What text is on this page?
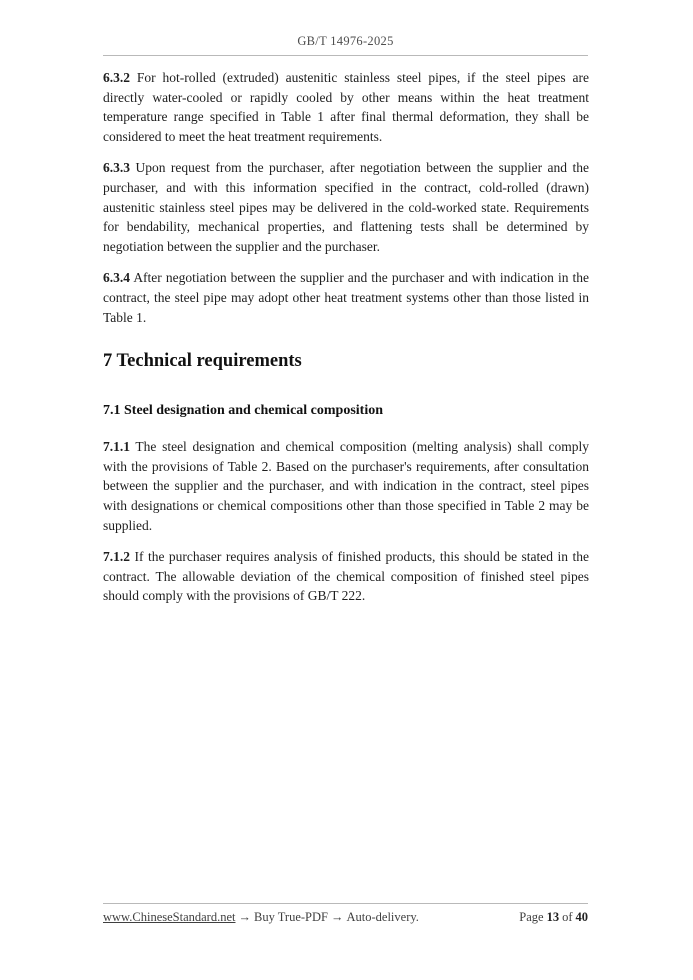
GB/T 14976-2025

6.3.2 For hot-rolled (extruded) austenitic stainless steel pipes, if the steel pipes are directly water-cooled or rapidly cooled by other means within the heat treatment temperature range specified in Table 1 after final thermal deformation, they shall be considered to meet the heat treatment requirements.

6.3.3 Upon request from the purchaser, after negotiation between the supplier and the purchaser, and with this information specified in the contract, cold-rolled (drawn) austenitic stainless steel pipes may be delivered in the cold-worked state. Requirements for bendability, mechanical properties, and flattening tests shall be determined by negotiation between the supplier and the purchaser.

6.3.4 After negotiation between the supplier and the purchaser and with indication in the contract, the steel pipe may adopt other heat treatment systems other than those listed in Table 1.

7 Technical requirements
7.1 Steel designation and chemical composition

7.1.1 The steel designation and chemical composition (melting analysis) shall comply with the provisions of Table 2. Based on the purchaser's requirements, after consultation between the supplier and the purchaser, and with indication in the contract, steel pipes with designations or chemical compositions other than those specified in Table 2 may be supplied.

7.1.2 If the purchaser requires analysis of finished products, this should be stated in the contract. The allowable deviation of the chemical composition of finished steel pipes should comply with the provisions of GB/T 222.

www.ChineseStandard.net → Buy True-PDF → Auto-delivery.	Page 13 of 40
